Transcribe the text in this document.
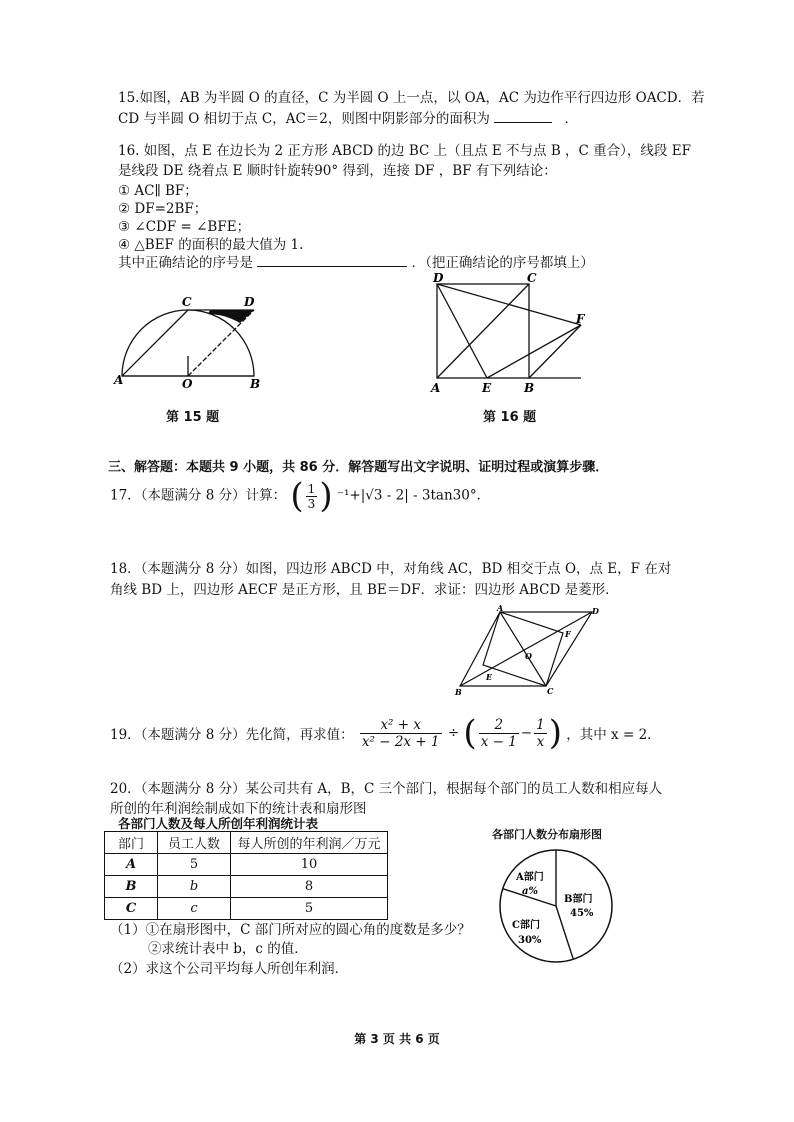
15.如图，AB 为半圆 O 的直径，C 为半圆 O 上一点，以 OA，AC 为边作平行四边形 OACD．若
CD 与半圆 O 相切于点 C，AC＝2，则图中阴影部分的面积为	．
16. 如图，点 E 在边长为 2 正方形 ABCD 的边 BC 上（且点 E 不与点 B ，C 重合），线段 EF
是线段 DE 绕着点 E 顺时针旋转90° 得到，连接 DF ，BF 有下列结论：
① AC∥ BF；
② DF=2BF；
③ ∠CDF = ∠BFE；
④ △BEF 的面积的最大值为 1.
其中正确结论的序号是	．（把正确结论的序号都填上）
A
C	D
O	B
第 15 题
D	C
F
A	E	B
第 16 题
三、解答题：本题共 9 小题，共 86 分．解答题写出文字说明、证明过程或演算步骤．
17．（本题满分 8 分）计算： ( $\frac{1}{3}$ ) ⁻¹+|√3 - 2| - 3tan30°．
18．（本题满分 8 分）如图，四边形 ABCD 中，对角线 AC，BD 相交于点 O，点 E，F 在对
角线 BD 上，四边形 AECF 是正方形，且 BE＝DF．求证：四边形 ABCD 是菱形．
A	D
F
O
E
B	C
19．（本题满分 8 分）先化简，再求值： $\frac{\text{x² + x}}{\text{x² − 2x + 1}}$ ÷ ( $\frac{2}{x - 1} - \frac{1}{x}$ ) ，其中 x = 2．
20．（本题满分 8 分）某公司共有 A，B，C 三个部门，根据每个部门的员工人数和相应每人
所创的年利润绘制成如下的统计表和扇形图
各部门人数及每人所创年利润统计表
部门	员工人数	每人所创的年利润／万元
A	5	10
B	b	8
C	c	5
（1）①在扇形图中，C 部门所对应的圆心角的度数是多少？
②求统计表中 b，c 的值．
（2）求这个公司平均每人所创年利润．
各部门人数分布扇形图
A部门
a%
B部门
45%
C部门
30%
第 3 页 共 6 页
